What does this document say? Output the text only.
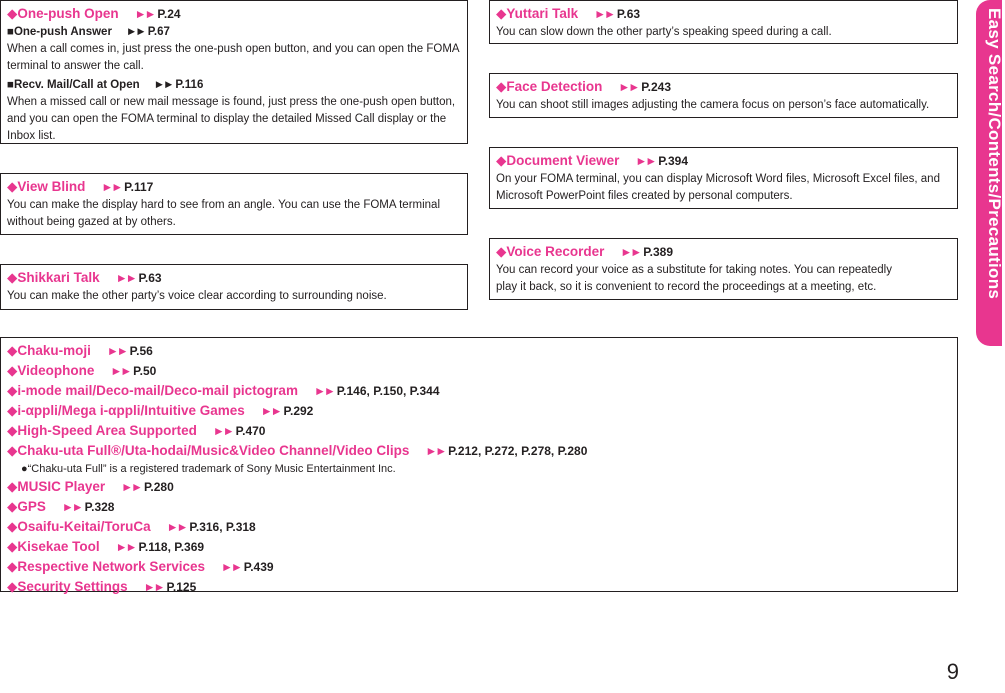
◆One-push Open ►► P.24
■One-push Answer ►► P.67
When a call comes in, just press the one-push open button, and you can open the FOMA terminal to answer the call.
■Recv. Mail/Call at Open ►► P.116
When a missed call or new mail message is found, just press the one-push open button, and you can open the FOMA terminal to display the detailed Missed Call display or the Inbox list.
◆View Blind ►► P.117
You can make the display hard to see from an angle. You can use the FOMA terminal without being gazed at by others.
◆Shikkari Talk ►► P.63
You can make the other party’s voice clear according to surrounding noise.
◆Yuttari Talk ►► P.63
You can slow down the other party’s speaking speed during a call.
◆Face Detection ►► P.243
You can shoot still images adjusting the camera focus on person’s face automatically.
◆Document Viewer ►► P.394
On your FOMA terminal, you can display Microsoft Word files, Microsoft Excel files, and Microsoft PowerPoint files created by personal computers.
◆Voice Recorder ►► P.389
You can record your voice as a substitute for taking notes. You can repeatedly play it back, so it is convenient to record the proceedings at a meeting, etc.
◆Chaku-moji ►► P.56
◆Videophone ►► P.50
◆i-mode mail/Deco-mail/Deco-mail pictogram ►► P.146, P.150, P.344
◆i-αppli/Mega i-αppli/Intuitive Games ►► P.292
◆High-Speed Area Supported ►► P.470
◆Chaku-uta Full®/Uta-hodai/Music&Video Channel/Video Clips ►► P.212, P.272, P.278, P.280
●“Chaku-uta Full” is a registered trademark of Sony Music Entertainment Inc.
◆MUSIC Player ►► P.280
◆GPS ►► P.328
◆Osaifu-Keitai/ToruCa ►► P.316, P.318
◆Kisekae Tool ►► P.118, P.369
◆Respective Network Services ►► P.439
◆Security Settings ►► P.125
Easy Search/Contents/Precautions
9
